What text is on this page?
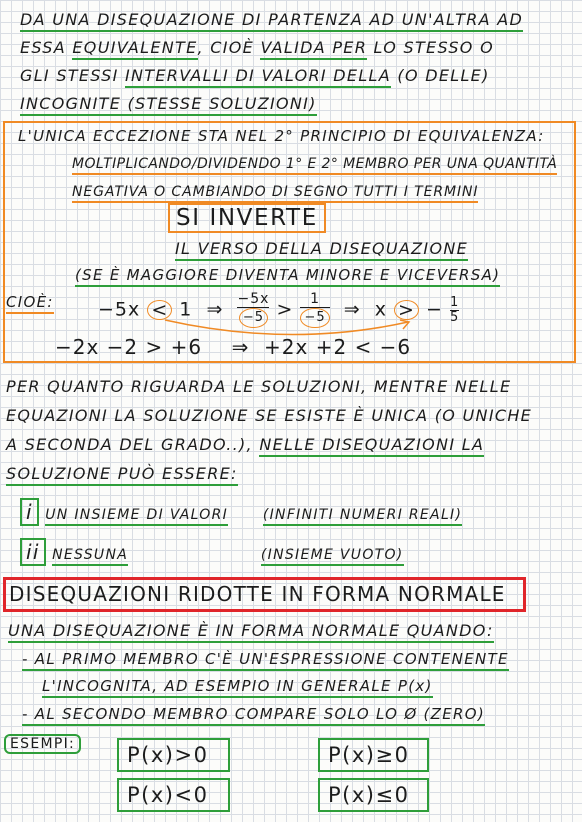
DA UNA DISEQUAZIONE DI PARTENZA AD UN'ALTRA AD
ESSA EQUIVALENTE, CIOÈ VALIDA PER LO STESSO O
GLI STESSI INTERVALLI DI VALORI DELLA (O DELLE)
INCOGNITE (STESSE SOLUZIONI)
L'UNICA ECCEZIONE STA NEL 2° PRINCIPIO DI EQUIVALENZA:
MOLTIPLICANDO/DIVIDENDO 1° E 2° MEMBRO PER UNA QUANTITÀ
NEGATIVA O CAMBIANDO DI SEGNO TUTTI I TERMINI
SI INVERTE
IL VERSO DELLA DISEQUAZIONE
(SE È MAGGIORE DIVENTA MINORE E VICEVERSA)
CIOÈ: −5x < 1 ⇒ $\frac{-5x}{-5} > \frac{1}{-5}$ ⇒ x > − $\frac{1}{5}$
−2x −2 > +6 ⇒ +2x +2 < −6
PER QUANTO RIGUARDA LE SOLUZIONI, MENTRE NELLE
EQUAZIONI LA SOLUZIONE SE ESISTE È UNICA (O UNICHE
A SECONDA DEL GRADO..), NELLE DISEQUAZIONI LA
SOLUZIONE PUÒ ESSERE:
i UN INSIEME DI VALORI (INFINITI NUMERI REALI)
ii NESSUNA	(INSIEME VUOTO)
DISEQUAZIONI RIDOTTE IN FORMA NORMALE
UNA DISEQUAZIONE È IN FORMA NORMALE QUANDO:
- AL PRIMO MEMBRO C'È UN'ESPRESSIONE CONTENENTE
L'INCOGNITA, AD ESEMPIO IN GENERALE P(x)
- AL SECONDO MEMBRO COMPARE SOLO LO Ø (ZERO)
ESEMPI:	P(x)>0	P(x)≥0
P(x)<0	P(x)≤0
